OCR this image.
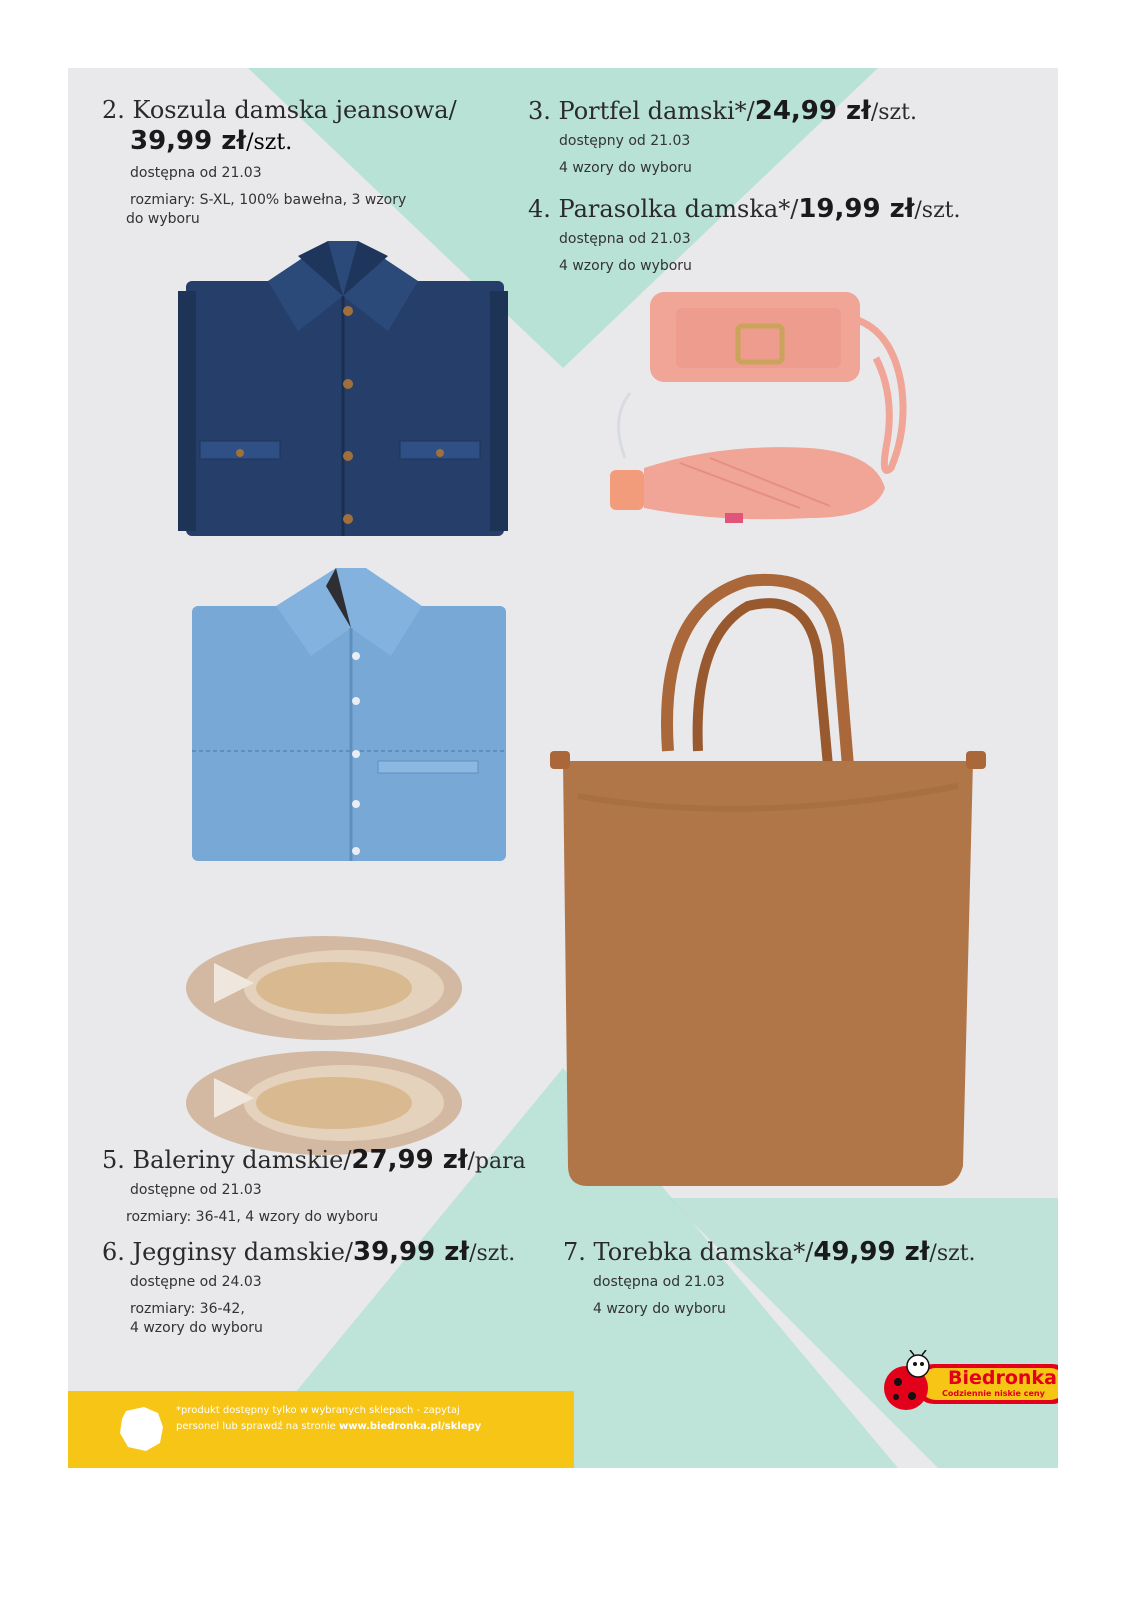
2. Koszula damska jeansowa/
39,99 zł/szt.
dostępna od 21.03
rozmiary: S-XL, 100% bawełna, 3 wzory
do wyboru
3. Portfel damski*/24,99 zł/szt.
dostępny od 21.03
4 wzory do wyboru
4. Parasolka damska*/19,99 zł/szt.
dostępna od 21.03
4 wzory do wyboru
5. Baleriny damskie/27,99 zł/para
dostępne od 21.03
rozmiary: 36-41, 4 wzory do wyboru
6. Jegginsy damskie/39,99 zł/szt.
dostępne od 24.03
rozmiary: 36-42,
4 wzory do wyboru
7. Torebka damska*/49,99 zł/szt.
dostępna od 21.03
4 wzory do wyboru
*produkt dostępny tylko w wybranych sklepach - zapytaj
personel lub sprawdź na stronie www.biedronka.pl/sklepy
Biedronka
Codziennie niskie ceny
